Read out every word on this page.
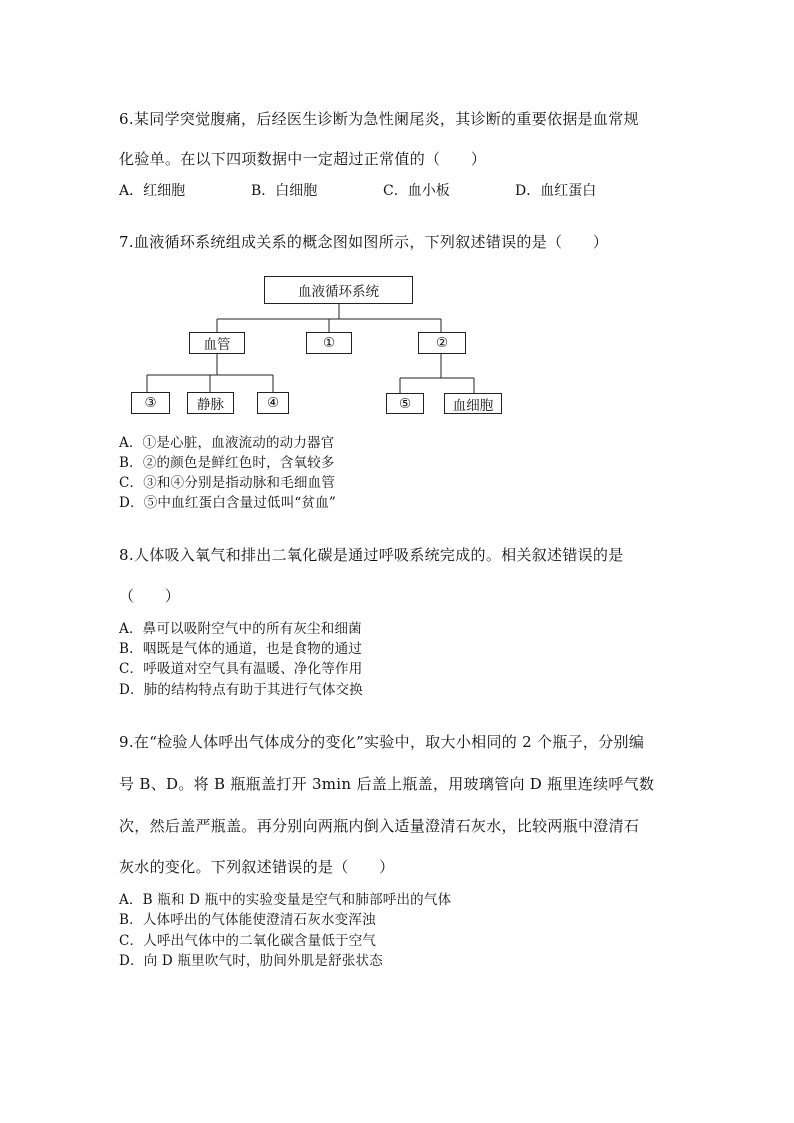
6.某同学突觉腹痛，后经医生诊断为急性阑尾炎，其诊断的重要依据是血常规
化验单。在以下四项数据中一定超过正常值的（　　）
A．红细胞	B．白细胞	C．血小板	D．血红蛋白
7.血液循环系统组成关系的概念图如图所示，下列叙述错误的是（　　）
血液循环系统
血管	①	②
③	静脉	④	⑤	血细胞
A．①是心脏，血液流动的动力器官
B．②的颜色是鲜红色时，含氧较多
C．③和④分别是指动脉和毛细血管
D．⑤中血红蛋白含量过低叫“贫血”
8.人体吸入氧气和排出二氧化碳是通过呼吸系统完成的。相关叙述错误的是
（　　）
A．鼻可以吸附空气中的所有灰尘和细菌
B．咽既是气体的通道，也是食物的通过
C．呼吸道对空气具有温暖、净化等作用
D．肺的结构特点有助于其进行气体交换
9.在“检验人体呼出气体成分的变化”实验中，取大小相同的 2 个瓶子，分别编
号 B、D。将 B 瓶瓶盖打开 3min 后盖上瓶盖，用玻璃管向 D 瓶里连续呼气数
次，然后盖严瓶盖。再分别向两瓶内倒入适量澄清石灰水，比较两瓶中澄清石
灰水的变化。下列叙述错误的是（　　）
A．B 瓶和 D 瓶中的实验变量是空气和肺部呼出的气体
B．人体呼出的气体能使澄清石灰水变浑浊
C．人呼出气体中的二氧化碳含量低于空气
D．向 D 瓶里吹气时，肋间外肌是舒张状态
